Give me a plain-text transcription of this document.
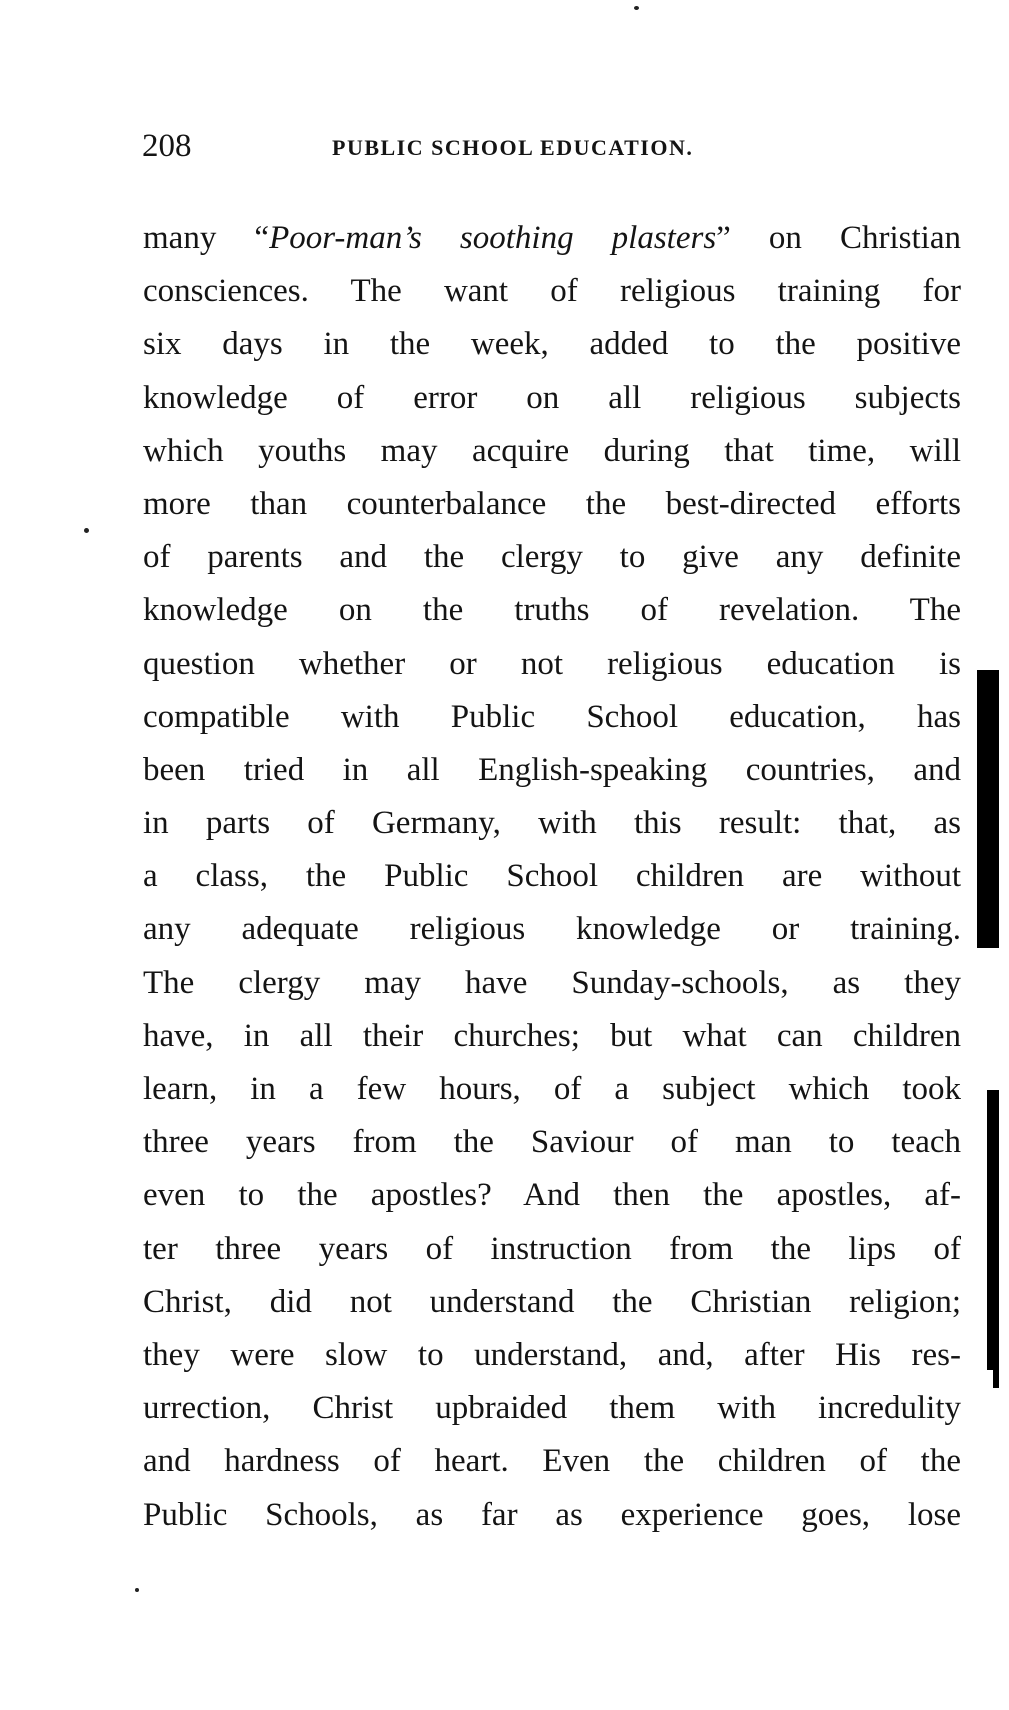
208	PUBLIC SCHOOL EDUCATION.
many “Poor-man’s soothing plasters” on Christian
consciences. The want of religious training for
six days in the week, added to the positive
knowledge of error on all religious subjects
which youths may acquire during that time, will
more than counterbalance the best-directed efforts
of parents and the clergy to give any definite
knowledge on the truths of revelation. The
question whether or not religious education is
compatible with Public School education, has
been tried in all English-speaking countries, and
in parts of Germany, with this result: that, as
a class, the Public School children are without
any adequate religious knowledge or training.
The clergy may have Sunday-schools, as they
have, in all their churches; but what can children
learn, in a few hours, of a subject which took
three years from the Saviour of man to teach
even to the apostles? And then the apostles, af-
ter three years of instruction from the lips of
Christ, did not understand the Christian religion;
they were slow to understand, and, after His res-
urrection, Christ upbraided them with incredulity
and hardness of heart. Even the children of the
Public Schools, as far as experience goes, lose
